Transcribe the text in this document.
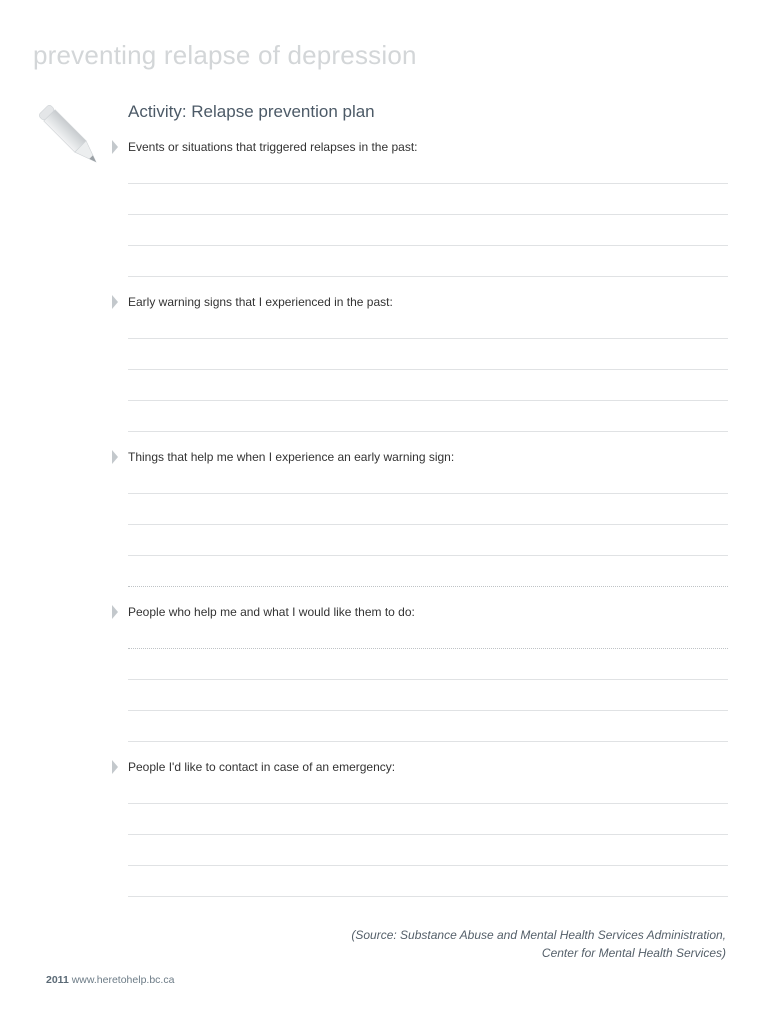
preventing relapse of depression
Activity: Relapse prevention plan
Events or situations that triggered relapses in the past:
Early warning signs that I experienced in the past:
Things that help me when I experience an early warning sign:
People who help me and what I would like them to do:
People I'd like to contact in case of an emergency:
(Source: Substance Abuse and Mental Health Services Administration,
Center for Mental Health Services)
2011 www.heretohelp.bc.ca
